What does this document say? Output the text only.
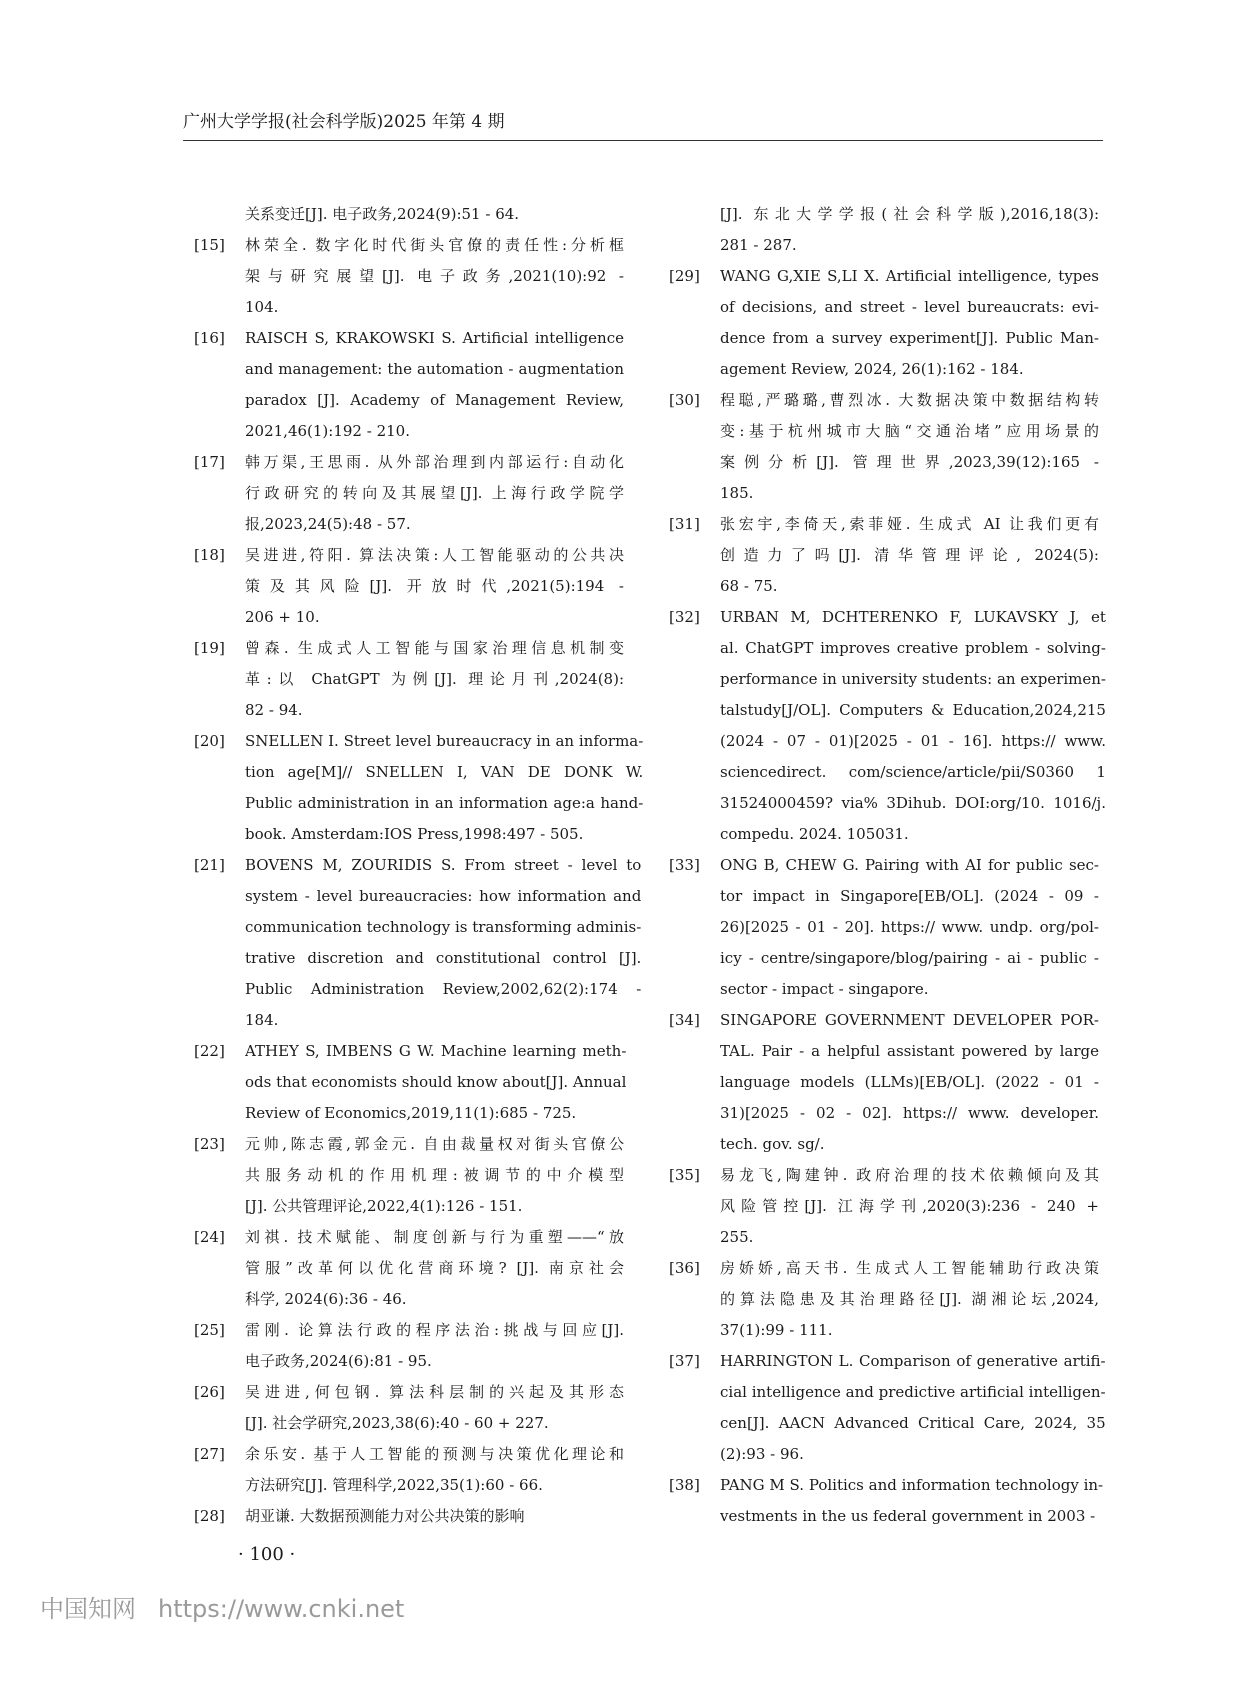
广州大学学报(社会科学版)2025 年第 4 期
关系变迁[J]. 电子政务,2024(9):51 - 64.
[15]	林荣全. 数字化时代街头官僚的责任性:分析框
架与研究展望[J]. 电子政务,2021(10):92 -
104.
[16]	RAISCH S, KRAKOWSKI S. Artificial intelligence
and management: the automation - augmentation
paradox [J]. Academy of Management Review,
2021,46(1):192 - 210.
[17]	韩万渠,王思雨. 从外部治理到内部运行:自动化
行政研究的转向及其展望[J]. 上海行政学院学
报,2023,24(5):48 - 57.
[18]	吴进进,符阳. 算法决策:人工智能驱动的公共决
策及其风险[J]. 开放时代,2021(5):194 -
206 + 10.
[19]	曾森. 生成式人工智能与国家治理信息机制变
革:以 ChatGPT 为例[J]. 理论月刊,2024(8):
82 - 94.
[20]	SNELLEN I. Street level bureaucracy in an informa-
tion age[M]// SNELLEN I, VAN DE DONK W.
Public administration in an information age:a hand-
book. Amsterdam:IOS Press,1998:497 - 505.
[21]	BOVENS M, ZOURIDIS S. From street - level to
system - level bureaucracies: how information and
communication technology is transforming adminis-
trative discretion and constitutional control [J].
Public Administration Review,2002,62(2):174 -
184.
[22]	ATHEY S, IMBENS G W. Machine learning meth-
ods that economists should know about[J]. Annual
Review of Economics,2019,11(1):685 - 725.
[23]	元帅,陈志霞,郭金元. 自由裁量权对街头官僚公
共服务动机的作用机理:被调节的中介模型
[J]. 公共管理评论,2022,4(1):126 - 151.
[24]	刘祺. 技术赋能、制度创新与行为重塑——“放
管服”改革何以优化营商环境? [J]. 南京社会
科学, 2024(6):36 - 46.
[25]	雷刚. 论算法行政的程序法治:挑战与回应[J].
电子政务,2024(6):81 - 95.
[26]	吴进进,何包钢. 算法科层制的兴起及其形态
[J]. 社会学研究,2023,38(6):40 - 60 + 227.
[27]	余乐安. 基于人工智能的预测与决策优化理论和
方法研究[J]. 管理科学,2022,35(1):60 - 66.
[28]	胡亚谦. 大数据预测能力对公共决策的影响
[J]. 东北大学学报(社会科学版),2016,18(3):
281 - 287.
[29]	WANG G,XIE S,LI X. Artificial intelligence, types
of decisions, and street - level bureaucrats: evi-
dence from a survey experiment[J]. Public Man-
agement Review, 2024, 26(1):162 - 184.
[30]	程聪,严璐璐,曹烈冰. 大数据决策中数据结构转
变:基于杭州城市大脑“交通治堵”应用场景的
案例分析[J]. 管理世界,2023,39(12):165 -
185.
[31]	张宏宇,李倚天,索菲娅. 生成式 AI 让我们更有
创造力了吗[J]. 清华管理评论, 2024(5):
68 - 75.
[32]	URBAN M, DCHTERENKO F, LUKAVSKY J, et
al. ChatGPT improves creative problem - solving-
performance in university students: an experimen-
talstudy[J/OL]. Computers & Education,2024,215
(2024 - 07 - 01)[2025 - 01 - 16]. https:// www.
sciencedirect. com/science/article/pii/S0360 1
31524000459? via% 3Dihub. DOI:org/10. 1016/j.
compedu. 2024. 105031.
[33]	ONG B, CHEW G. Pairing with AI for public sec-
tor impact in Singapore[EB/OL]. (2024 - 09 -
26)[2025 - 01 - 20]. https:// www. undp. org/pol-
icy - centre/singapore/blog/pairing - ai - public -
sector - impact - singapore.
[34]	SINGAPORE GOVERNMENT DEVELOPER POR-
TAL. Pair - a helpful assistant powered by large
language models (LLMs)[EB/OL]. (2022 - 01 -
31)[2025 - 02 - 02]. https:// www. developer.
tech. gov. sg/.
[35]	易龙飞,陶建钟. 政府治理的技术依赖倾向及其
风险管控[J]. 江海学刊,2020(3):236 - 240 +
255.
[36]	房娇娇,高天书. 生成式人工智能辅助行政决策
的算法隐患及其治理路径[J]. 湖湘论坛,2024,
37(1):99 - 111.
[37]	HARRINGTON L. Comparison of generative artifi-
cial intelligence and predictive artificial intelligen-
cen[J]. AACN Advanced Critical Care, 2024, 35
(2):93 - 96.
[38]	PANG M S. Politics and information technology in-
vestments in the us federal government in 2003 -
· 100 ·
中国知网 https://www.cnki.net
